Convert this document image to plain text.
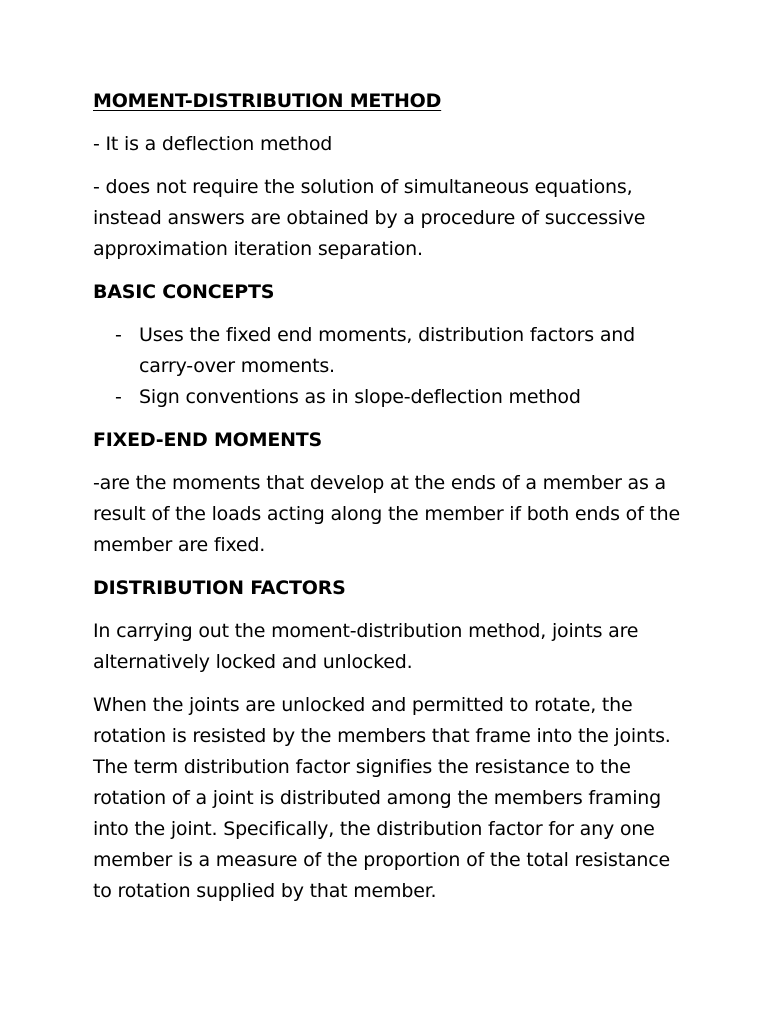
MOMENT-DISTRIBUTION METHOD

- It is a deflection method

- does not require the solution of simultaneous equations, instead answers are obtained by a procedure of successive approximation iteration separation.

BASIC CONCEPTS
- Uses the fixed end moments, distribution factors and carry-over moments.
- Sign conventions as in slope-deflection method
FIXED-END MOMENTS

-are the moments that develop at the ends of a member as a result of the loads acting along the member if both ends of the member are fixed.

DISTRIBUTION FACTORS

In carrying out the moment-distribution method, joints are alternatively locked and unlocked.

When the joints are unlocked and permitted to rotate, the rotation is resisted by the members that frame into the joints. The term distribution factor signifies the resistance to the rotation of a joint is distributed among the members framing into the joint. Specifically, the distribution factor for any one member is a measure of the proportion of the total resistance to rotation supplied by that member.
